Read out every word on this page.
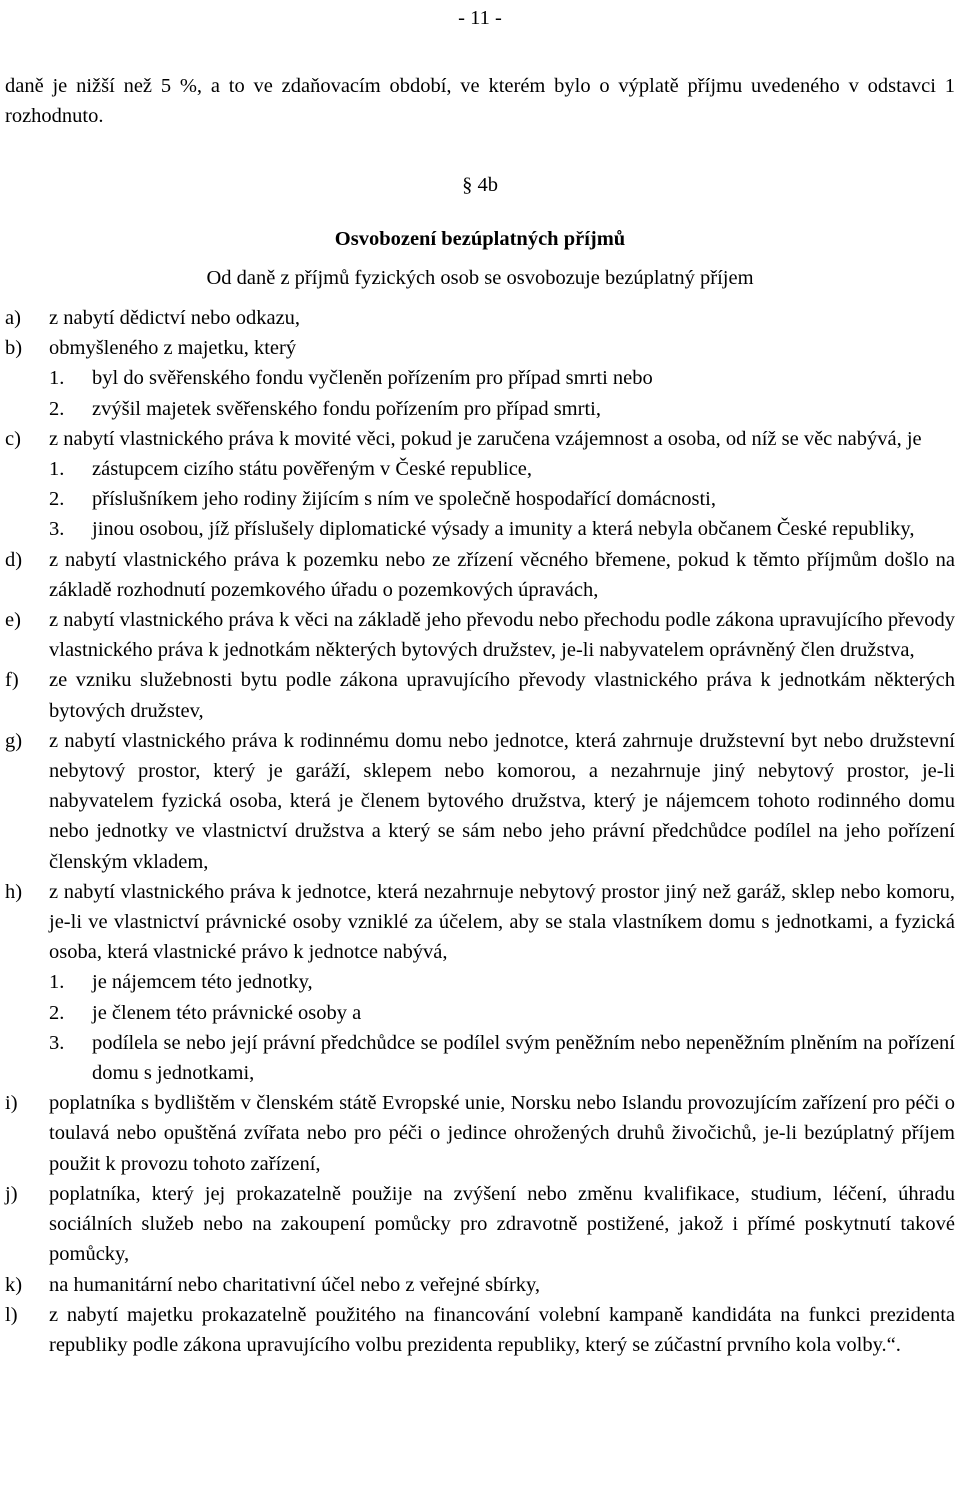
- 11 -
daně je nižší než 5 %, a to ve zdaňovacím období, ve kterém bylo o výplatě příjmu uvedeného v odstavci 1 rozhodnuto.
§ 4b
Osvobození bezúplatných příjmů
Od daně z příjmů fyzických osob se osvobozuje bezúplatný příjem
a)	z nabytí dědictví nebo odkazu,
b)	obmyšleného z majetku, který
1.	byl do svěřenského fondu vyčleněn pořízením pro případ smrti nebo
2.	zvýšil majetek svěřenského fondu pořízením pro případ smrti,
c)	z nabytí vlastnického práva k movité věci, pokud je zaručena vzájemnost a osoba, od níž se věc nabývá, je
1.	zástupcem cizího státu pověřeným v České republice,
2.	příslušníkem jeho rodiny žijícím s ním ve společně hospodařící domácnosti,
3.	jinou osobou, jíž příslušely diplomatické výsady a imunity a která nebyla občanem České republiky,
d)	z nabytí vlastnického práva k pozemku nebo ze zřízení věcného břemene, pokud k těmto příjmům došlo na základě rozhodnutí pozemkového úřadu o pozemkových úpravách,
e)	z nabytí vlastnického práva k věci na základě jeho převodu nebo přechodu podle zákona upravujícího převody vlastnického práva k jednotkám některých bytových družstev, je-li nabyvatelem oprávněný člen družstva,
f)	ze vzniku služebnosti bytu podle zákona upravujícího převody vlastnického práva k jednotkám některých bytových družstev,
g)	z nabytí vlastnického práva k rodinnému domu nebo jednotce, která zahrnuje družstevní byt nebo družstevní nebytový prostor, který je garáží, sklepem nebo komorou, a nezahrnuje jiný nebytový prostor, je-li nabyvatelem fyzická osoba, která je členem bytového družstva, který je nájemcem tohoto rodinného domu nebo jednotky ve vlastnictví družstva a který se sám nebo jeho právní předchůdce podílel na jeho pořízení členským vkladem,
h)	z nabytí vlastnického práva k jednotce, která nezahrnuje nebytový prostor jiný než garáž, sklep nebo komoru, je-li ve vlastnictví právnické osoby vzniklé za účelem, aby se stala vlastníkem domu s jednotkami, a fyzická osoba, která vlastnické právo k jednotce nabývá,
1.	je nájemcem této jednotky,
2.	je členem této právnické osoby a
3.	podílela se nebo její právní předchůdce se podílel svým peněžním nebo nepeněžním plněním na pořízení domu s jednotkami,
i)	poplatníka s bydlištěm v členském státě Evropské unie, Norsku nebo Islandu provozujícím zařízení pro péči o toulavá nebo opuštěná zvířata nebo pro péči o jedince ohrožených druhů živočichů, je-li bezúplatný příjem použit k provozu tohoto zařízení,
j)	poplatníka, který jej prokazatelně použije na zvýšení nebo změnu kvalifikace, studium, léčení, úhradu sociálních služeb nebo na zakoupení pomůcky pro zdravotně postižené, jakož i přímé poskytnutí takové pomůcky,
k)	na humanitární nebo charitativní účel nebo z veřejné sbírky,
l)	z nabytí majetku prokazatelně použitého na financování volební kampaně kandidáta na funkci prezidenta republiky podle zákona upravujícího volbu prezidenta republiky, který se zúčastní prvního kola volby.“.
